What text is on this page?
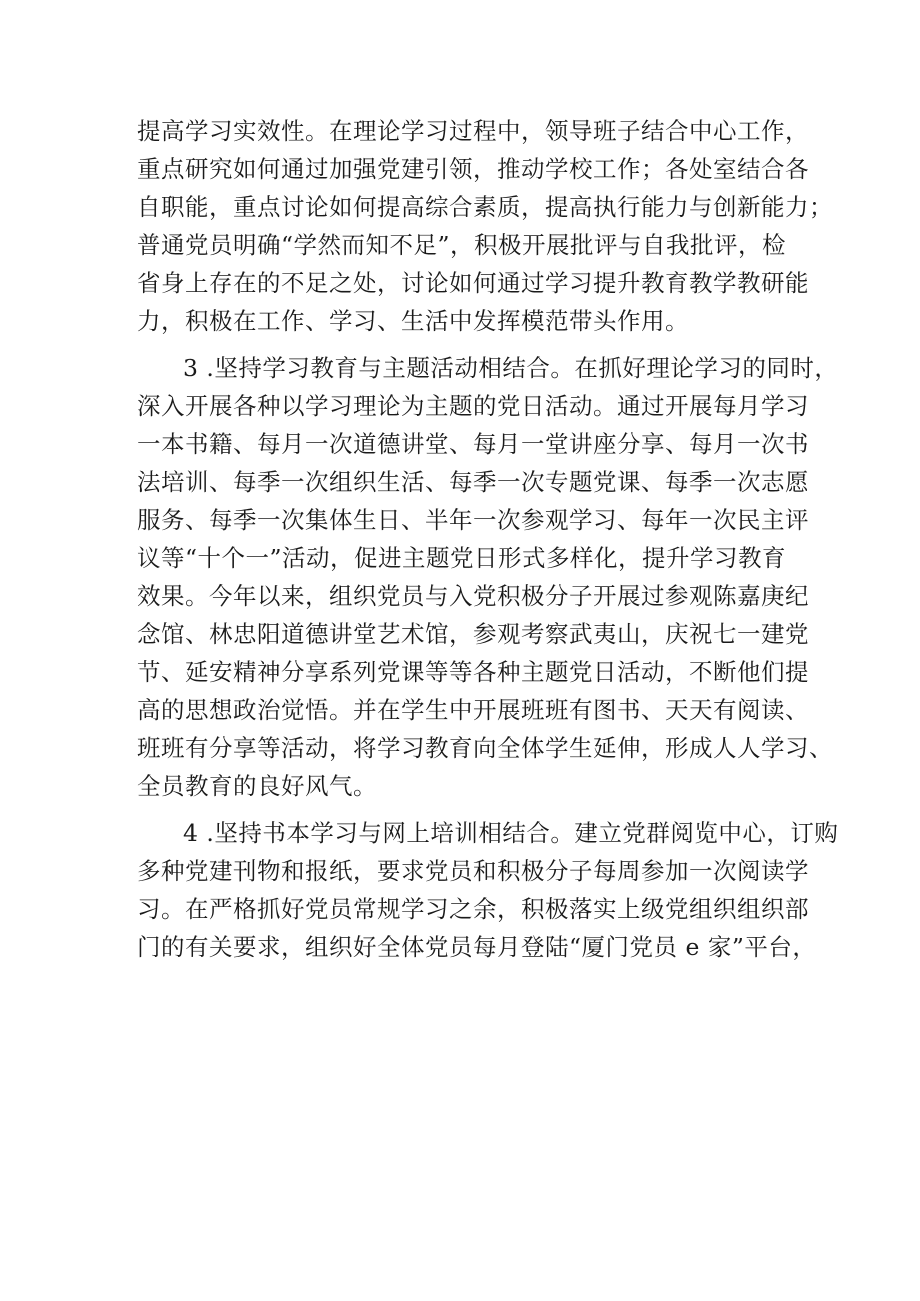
提高学习实效性。在理论学习过程中，领导班子结合中心工作，
重点研究如何通过加强党建引领，推动学校工作；各处室结合各
自职能，重点讨论如何提高综合素质，提高执行能力与创新能力；
普通党员明确“学然而知不足”，积极开展批评与自我批评，检
省身上存在的不足之处，讨论如何通过学习提升教育教学教研能
力，积极在工作、学习、生活中发挥模范带头作用。
3 .坚持学习教育与主题活动相结合。在抓好理论学习的同时，
深入开展各种以学习理论为主题的党日活动。通过开展每月学习
一本书籍、每月一次道德讲堂、每月一堂讲座分享、每月一次书
法培训、每季一次组织生活、每季一次专题党课、每季一次志愿
服务、每季一次集体生日、半年一次参观学习、每年一次民主评
议等“十个一”活动，促进主题党日形式多样化，提升学习教育
效果。今年以来，组织党员与入党积极分子开展过参观陈嘉庚纪
念馆、林忠阳道德讲堂艺术馆，参观考察武夷山，庆祝七一建党
节、延安精神分享系列党课等等各种主题党日活动，不断他们提
高的思想政治觉悟。并在学生中开展班班有图书、天天有阅读、
班班有分享等活动，将学习教育向全体学生延伸，形成人人学习、
全员教育的良好风气。
4 .坚持书本学习与网上培训相结合。建立党群阅览中心，订购
多种党建刊物和报纸，要求党员和积极分子每周参加一次阅读学
习。在严格抓好党员常规学习之余，积极落实上级党组织组织部
门的有关要求，组织好全体党员每月登陆“厦门党员 e 家”平台，
